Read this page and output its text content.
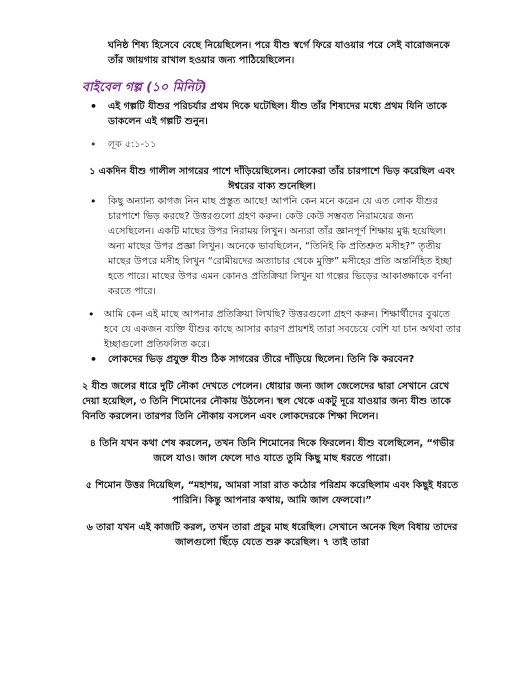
ঘনিষ্ঠ শিষ্য হিসেবে বেছে নিয়েছিলেন। পরে যীশু স্বর্গে ফিরে যাওয়ার পরে সেই বারোজনকে তাঁর জায়গায় রাখাল হওয়ার জন্য পাঠিয়েছিলেন।

বাইবেল গল্প (১০ মিনিট)
• এই গল্পটি যীশুর পরিচর্যার প্রথম দিকে ঘটেছিল। যীশু তাঁর শিষ্যদের মধ্যে প্রথম যিনি তাকে ডাকলেন এই গল্পটি শুনুন।
• লূক ৫:১-১১

১ একদিন যীশু গালীল সাগরের পাশে দাঁড়িয়েছিলেন। লোকেরা তাঁর চারপাশে ভিড় করেছিল এবং ঈশ্বরের বাক্য শুনেছিল।

• কিছু অন্যান্য কাগজ নিন মাছ প্রস্তুত আছে! আপনি কেন মনে করেন যে এত লোক যীশুর চারপাশে ভিড় করছে? উত্তরগুলো গ্রহণ করুন। কেউ কেউ সম্ভবত নিরাময়ের জন্য এসেছিলেন। একটি মাছের উপর নিরাময় লিখুন। অন্যরা তাঁর জ্ঞানপূর্ণ শিক্ষায় মুগ্ধ হয়েছিল। অন্য মাছের উপর প্রজ্ঞা লিখুন। অনেকে ভাবছিলেন, “তিনিই কি প্রতিশ্রুত মসীহ?” তৃতীয় মাছের উপরে মসীহ লিখুন “রোমীয়দের অত্যাচার থেকে মুক্তি” মসীহের প্রতি অন্তর্নিহিত ইচ্ছা হতে পারে। মাছের উপর এমন কোনও প্রতিক্রিয়া লিখুন যা গল্পের ভিড়ের আকাঙ্ক্ষাকে বর্ণনা করতে পারে।
• আমি কেন এই মাছে আপনার প্রতিক্রিয়া লিখছি? উত্তরগুলো গ্রহণ করুন। শিক্ষার্থীদের বুঝতে হবে যে একজন ব্যক্তি যীশুর কাছে আসার কারণ প্রায়শই তারা সবচেয়ে বেশি যা চান অথবা তার ইচ্ছাগুলো প্রতিফলিত করে।
• লোকদের ভিড় প্রযুক্ত যীশু ঠিক সাগরের তীরে দাঁড়িয়ে ছিলেন। তিনি কি করবেন?

২ যীশু জলের ধারে দুটি নৌকা দেখতে পেলেন। ধোয়ার জন্য জাল জেলেদের দ্বারা সেখানে রেখে দেয়া হয়েছিল, ৩ তিনি শিমোনের নৌকায় উঠলেন। স্থল থেকে একটু দূরে যাওয়ার জন্য যীশু তাকে বিনতি করলেন। তারপর তিনি নৌকায় বসলেন এবং লোকদেরকে শিক্ষা দিলেন।

৪ তিনি যখন কথা শেষ করলেন, তখন তিনি শিমোনের দিকে ফিরলেন। যীশু বলেছিলেন, “গভীর জলে যাও। জাল ফেলে দাও যাতে তুমি কিছু মাছ ধরতে পারো।

৫ শিমোন উত্তর দিয়েছিল, “মহাশয়, আমরা সারা রাত কঠোর পরিশ্রম করেছিলাম এবং কিছুই ধরতে পারিনি। কিন্তু আপনার কথায়, আমি জাল ফেলবো।”

৬ তারা যখন এই কাজটি করল, তখন তারা প্রচুর মাছ ধরেছিল। সেখানে অনেক ছিল বিধায় তাদের জালগুলো ছিঁড়ে যেতে শুরু করেছিল। ৭ তাই তারা
